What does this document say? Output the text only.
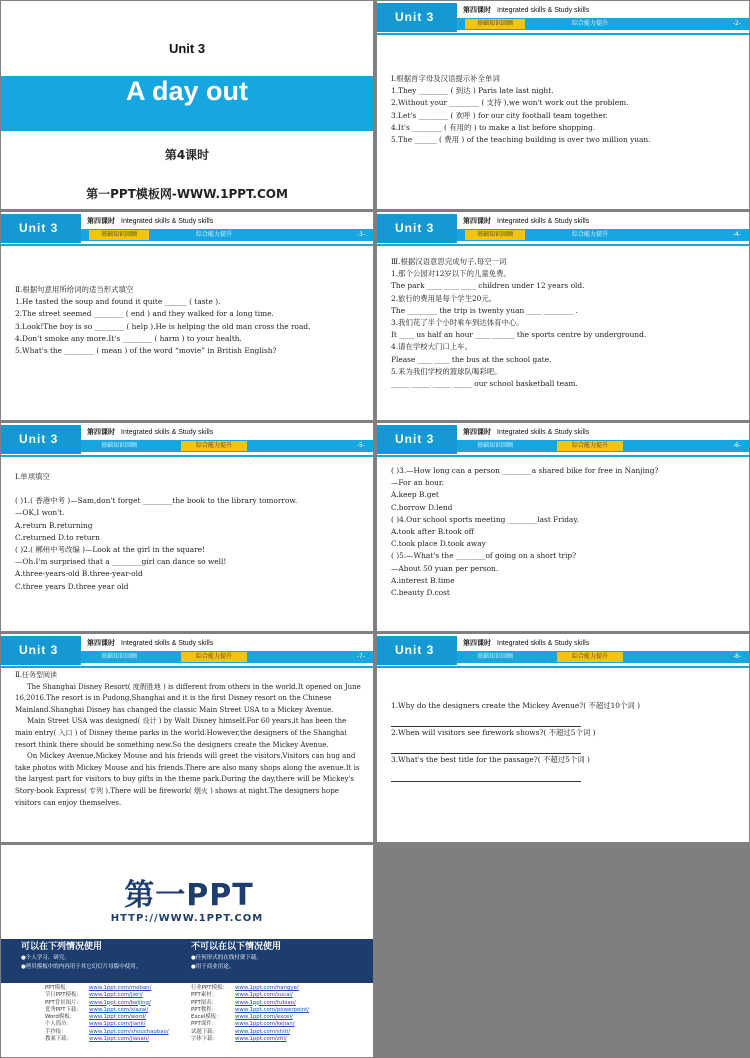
Unit 3
A day out
第4课时
第一PPT模板网-WWW.1PPT.COM
Unit 3	第四课时 Integrated skills & Study skills
基础知识回顾	综合能力提升	-2-

Ⅰ.根据首字母及汉语提示补全单词

1.They ________ ( 到达 ) Paris late last night.

2.Without your ________ ( 支持 ),we won't work out the problem.

3.Let's ________ ( 欢呼 ) for our city football team together.

4.It's ________ ( 有用的 ) to make a list before shopping.

5.The ______ ( 费用 ) of the teaching building is over two million yuan.

Unit 3	第四课时 Integrated skills & Study skills
基础知识回顾	综合能力提升	-3-

Ⅱ.根据句意用所给词的适当形式填空

1.He tasted the soup and found it quite ______ ( taste ).

2.The street seemed ________ ( end ) and they walked for a long time.

3.Look!The boy is so ________ ( help ).He is helping the old man cross the road.

4.Don't smoke any more.It's ________ ( harm ) to your health.

5.What's the ________ ( mean ) of the word “movie” in British English?

Unit 3	第四课时 Integrated skills & Study skills
基础知识回顾	综合能力提升	-4-

Ⅲ.根据汉语意思完成句子,每空一词

1.那个公园对12岁以下的儿童免费。

The park ____ ____ ____ children under 12 years old.

2.旅行的费用是每个学生20元。

The ________ the trip is twenty yuan ____ ________ .

3.我们花了半个小时乘车到达体育中心。

It ____ us half an hour ____ ______ the sports centre by underground.

4.请在学校大门口上车。

Please ____ ____ the bus at the school gate.

5.来为我们学校的篮球队喝彩吧。

_____ _____ _____ _____ our school basketball team.

Unit 3	第四课时 Integrated skills & Study skills
基础知识回顾	综合能力提升	-5-

Ⅰ.单项填空

( )1.( 香港中考 )—Sam,don't forget ________the book to the library tomorrow.

—OK,I won't.

A.return B.returning

C.returned D.to return

( )2.( 郴州中考改编 )—Look at the girl in the square!

—Oh.I'm surprised that a ________girl can dance so well!

A.three-years-old B.three-year-old

C.three years D.three year old

Unit 3	第四课时 Integrated skills & Study skills
基础知识回顾	综合能力提升	-6-

( )3.—How long can a person ________a shared bike for free in Nanjing?

—For an hour.

A.keep B.get

C.borrow D.lend

( )4.Our school sports meeting ________last Friday.

A.took after B.took off

C.took place D.took away

( )5.—What's the ________of going on a short trip?

—About 50 yuan per person.

A.interest B.time

C.beauty D.cost

Unit 3	第四课时 Integrated skills & Study skills
基础知识回顾	综合能力提升	-7-

Ⅱ.任务型阅读

The Shanghai Disney Resort( 度假胜地 ) is different from others in the world.It opened on June 16,2016.The resort is in Pudong,Shanghai and it is the first Disney resort on the Chinese Mainland.Shanghai Disney has changed the classic Main Street USA to a Mickey Avenue.

Main Street USA was designed( 设计 ) by Walt Disney himself.For 60 years,it has been the main entry( 入口 ) of Disney theme parks in the world.However,the designers of the Shanghai resort think there should be something new.So the designers create the Mickey Avenue.

On Mickey Avenue,Mickey Mouse and his friends will greet the visitors.Visitors can hug and take photos with Mickey Mouse and his friends.There are also many shops along the avenue.It is the largest part for visitors to buy gifts in the theme park.During the day,there will be Mickey's Story-book Express( 专列 ).There will be firework( 烟火 ) shows at night.The designers hope visitors can enjoy themselves.

Unit 3	第四课时 Integrated skills & Study skills
基础知识回顾	综合能力提升	-8-

1.Why do the designers create the Mickey Avenue?( 不超过10个词 )

2.When will visitors see firework shows?( 不超过5个词 )

3.What's the best title for the passage?( 不超过5个词 )

第一PPT
HTTP://WWW.1PPT.COM
可以在下列情况使用
●个人学习、研究。
●拷贝模板中的内容用于其它幻灯片母版中使用。
不可以在以下情况使用
●任何形式的在线付费下载。
●用于商业用途。
PPT模板：	www.1ppt.com/moban/
节日PPT模板： www.1ppt.com/jieri/
PPT背景图片： www.1ppt.com/beijing/
优秀PPT下载： www.1ppt.com/xiazai/
Word模板：	www.1ppt.com/word/
个人简历：	www.1ppt.com/jianli/
手抄报：	www.1ppt.com/shouchaobao/
教案下载：	www.1ppt.com/jiaoan/
行业PPT模板： www.1ppt.com/hangye/
PPT素材：	www.1ppt.com/sucai/
PPT图表：	www.1ppt.com/tubiao/
PPT教程：	www.1ppt.com/powerpoint/
Excel模板：	www.1ppt.com/excel/
PPT课件：	www.1ppt.com/kejian/
试题下载：	www.1ppt.com/shiti/
字体下载：	www.1ppt.com/ziti/
